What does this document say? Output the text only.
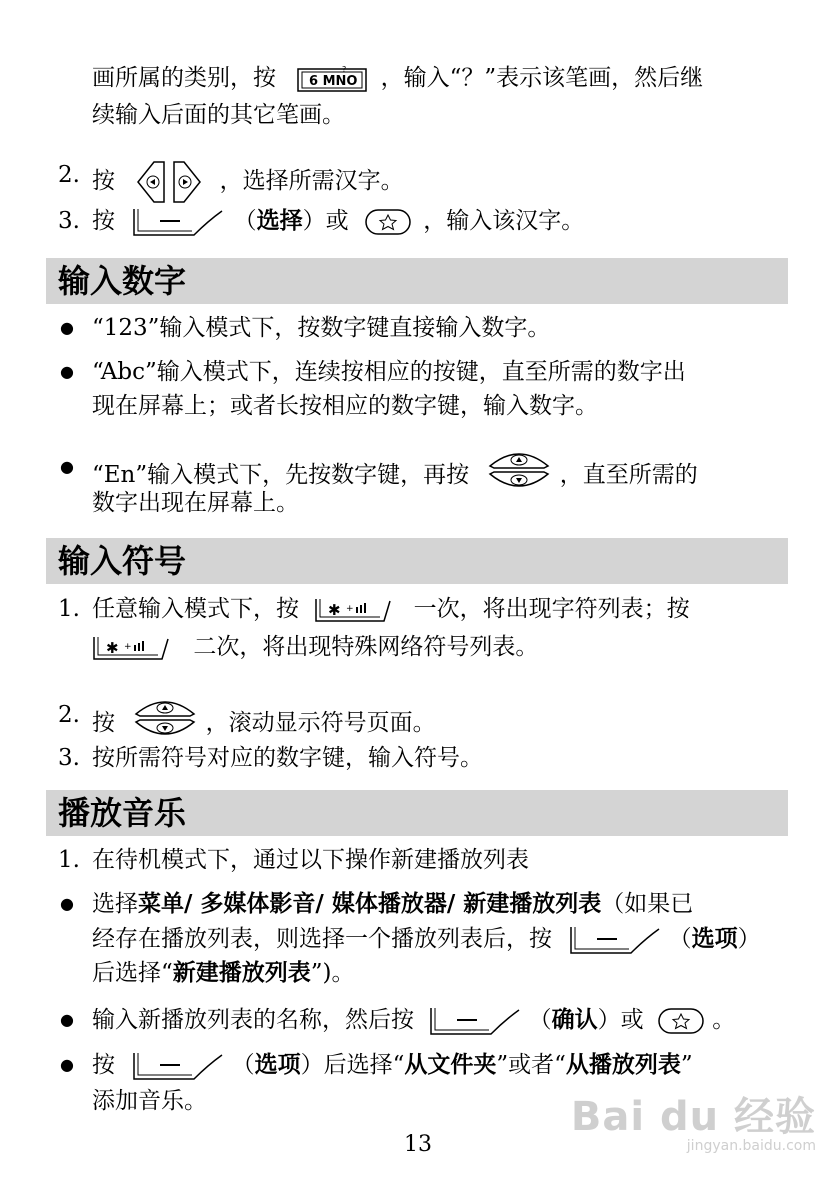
画所属的类别，按	?
6 MNO ，输入“？”表示该笔画，然后继
续输入后面的其它笔画。
2. 按	，选择所需汉字。
3. 按	（选择）或	，输入该汉字。
输入数字
● “123”输入模式下，按数字键直接输入数字。
● “Abc”输入模式下，连续按相应的按键，直至所需的数字出
现在屏幕上；或者长按相应的数字键，输入数字。
● “En”输入模式下，先按数字键，再按	，直至所需的
数字出现在屏幕上。
输入符号
1. 任意输入模式下，按 ✱ +	一次，将出现字符列表；按
✱ +	二次，将出现特殊网络符号列表。
2. 按	，滚动显示符号页面。
3. 按所需符号对应的数字键，输入符号。
播放音乐
1. 在待机模式下，通过以下操作新建播放列表
● 选择菜单/ 多媒体影音/ 媒体播放器/ 新建播放列表（如果已
经存在播放列表，则选择一个播放列表后，按	（选项）
后选择“新建播放列表”)。
● 输入新播放列表的名称，然后按	（确认）或	。
● 按	（选项）后选择“从文件夹”或者“从播放列表”
添加音乐。	Bai du 经验
jingyan.baidu.com
13
